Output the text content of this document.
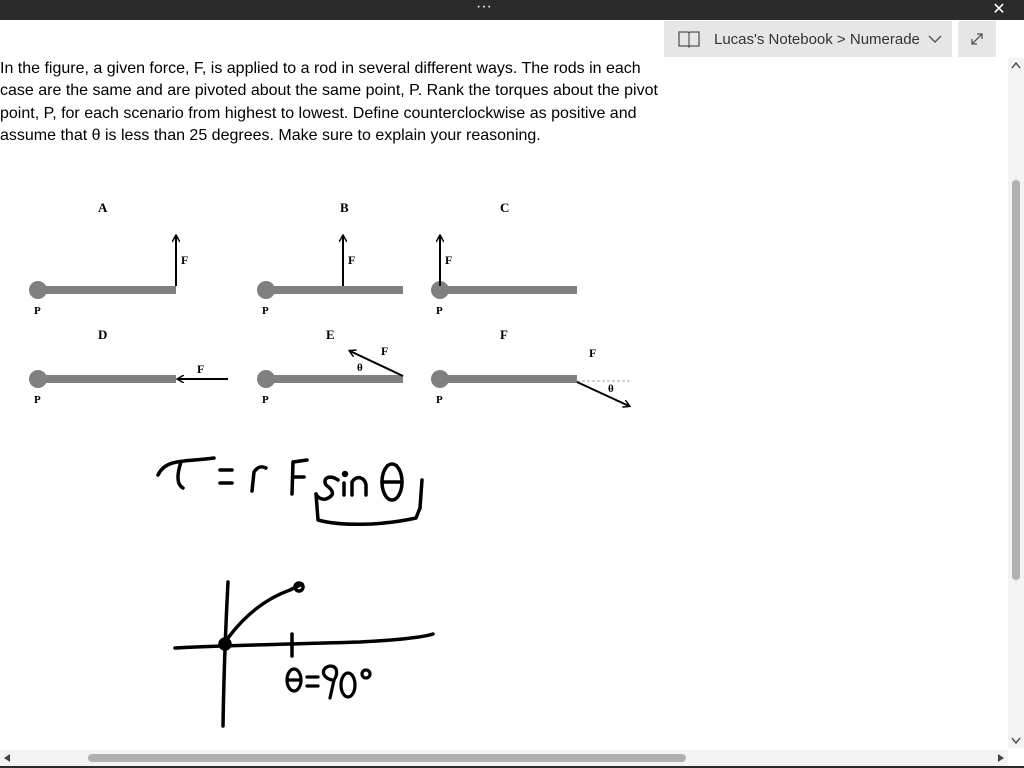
···	✕
Lucas's Notebook > Numerade
In the figure, a given force, F, is applied to a rod in several different ways. The rods in each case are the same and are pivoted about the same point, P. Rank the torques about the pivot point, P, for each scenario from highest to lowest. Define counterclockwise as positive and assume that θ is less than 25 degrees. Make sure to explain your reasoning.
A	B	C
F
P
F
P
F
P
D	E	F
F
P
F
θ
P
F
θ
P
